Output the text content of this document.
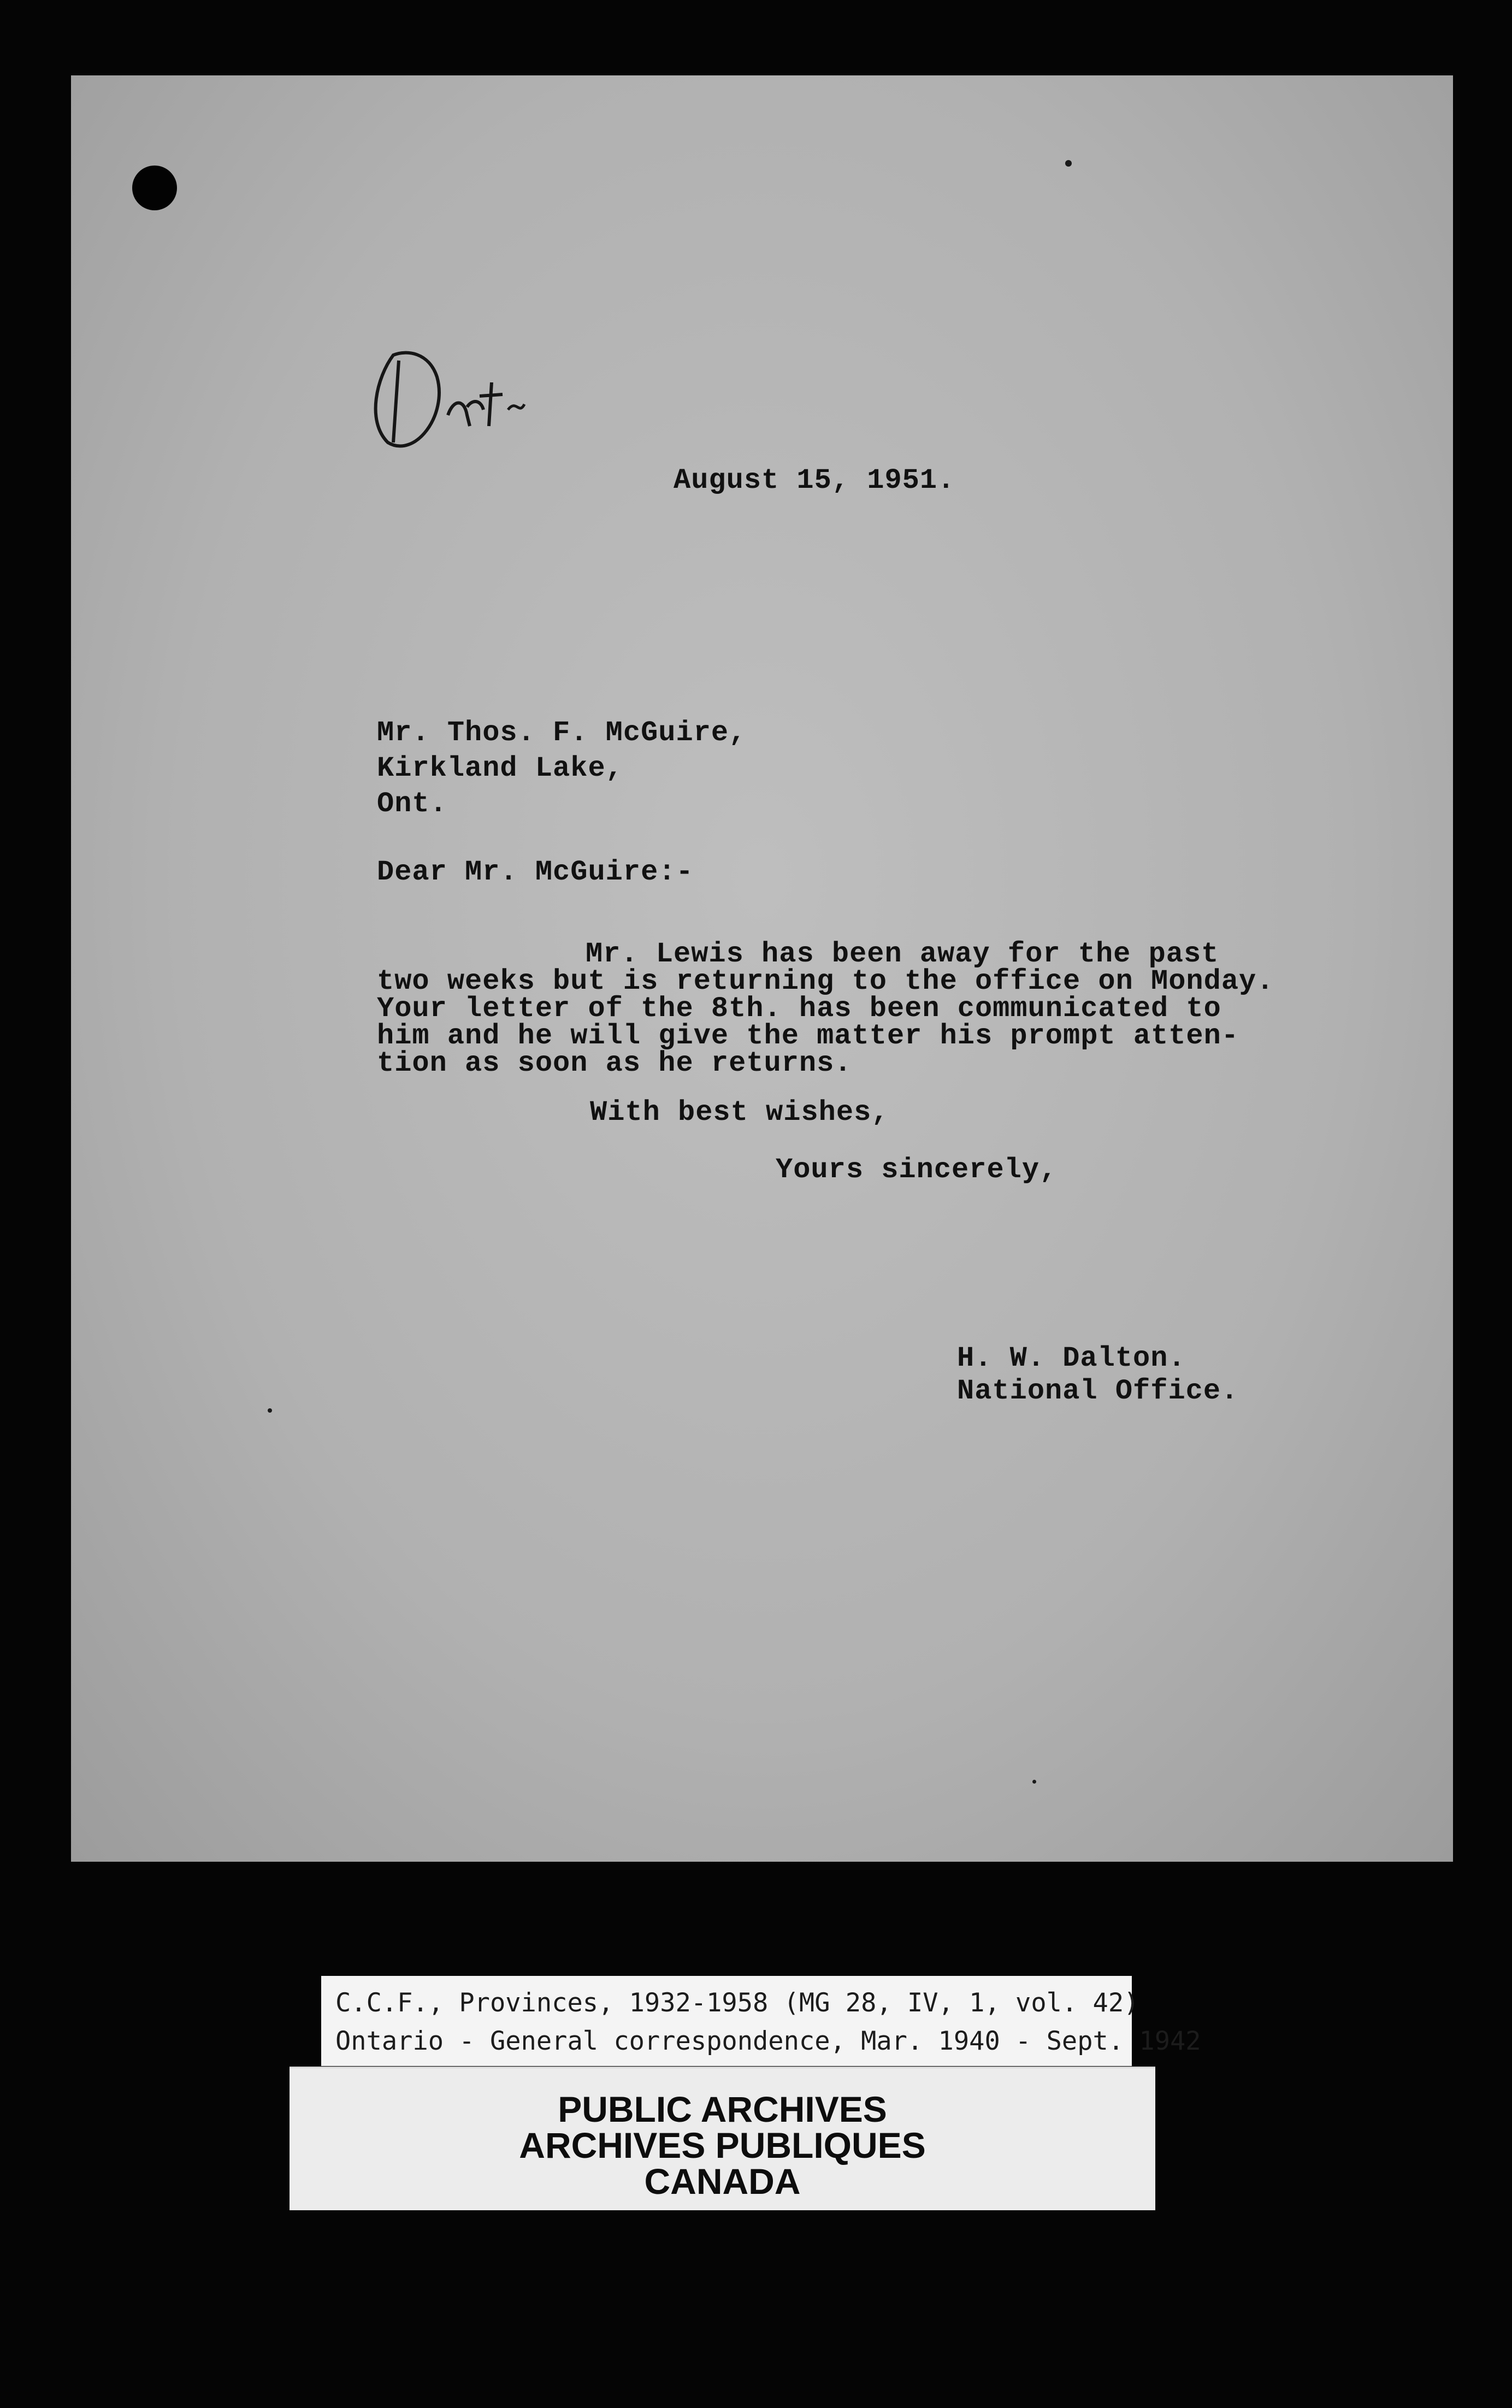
August 15, 1951.
Mr. Thos. F. McGuire,
Kirkland Lake,
Ont.
Dear Mr. McGuire:-
Mr. Lewis has been away for the past
two weeks but is returning to the office on Monday.
Your letter of the 8th. has been communicated to
him and he will give the matter his prompt atten-
tion as soon as he returns.
With best wishes,
Yours sincerely,
H. W. Dalton.
National Office.
C.C.F., Provinces, 1932-1958 (MG 28, IV, 1, vol. 42)
Ontario - General correspondence, Mar. 1940 - Sept. 1942
PUBLIC ARCHIVES
ARCHIVES PUBLIQUES
CANADA
